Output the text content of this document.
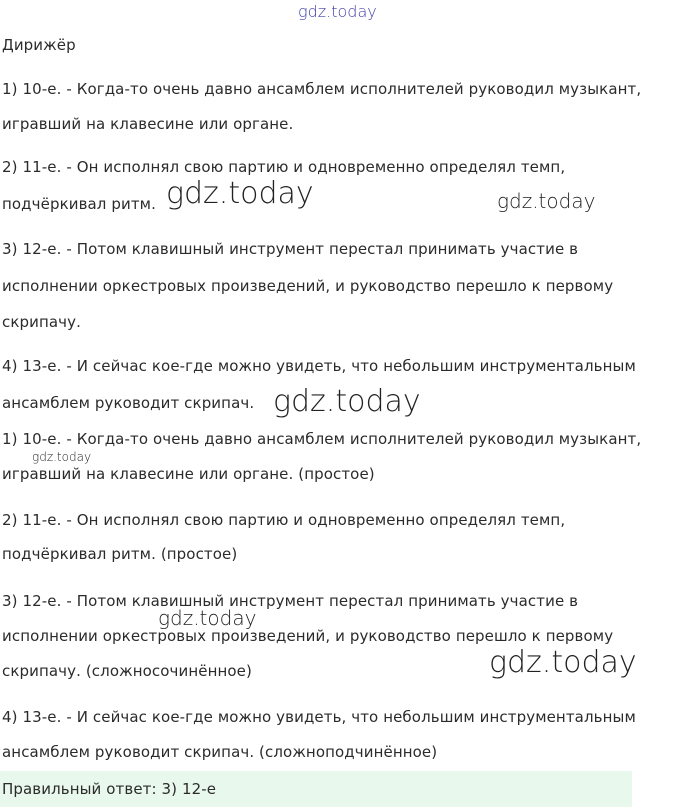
gdz.today
Дирижёр
1) 10-е. - Когда-то очень давно ансамблем исполнителей руководил музыкант,
игравший на клавесине или органе.
2) 11-е. - Он исполнял свою партию и одновременно определял темп,
подчёркивал ритм.
3) 12-е. - Потом клавишный инструмент перестал принимать участие в
исполнении оркестровых произведений, и руководство перешло к первому
скрипачу.
4) 13-е. - И сейчас кое-где можно увидеть, что небольшим инструментальным
ансамблем руководит скрипач.
1) 10-е. - Когда-то очень давно ансамблем исполнителей руководил музыкант,
игравший на клавесине или органе. (простое)
2) 11-е. - Он исполнял свою партию и одновременно определял темп,
подчёркивал ритм. (простое)
3) 12-е. - Потом клавишный инструмент перестал принимать участие в
исполнении оркестровых произведений, и руководство перешло к первому
скрипачу. (сложносочинённое)
4) 13-е. - И сейчас кое-где можно увидеть, что небольшим инструментальным
ансамблем руководит скрипач. (сложноподчинённое)
Правильный ответ: 3) 12-е
gdz.today	gdz.today
gdz.today
gdz.today
gdz.today
gdz.today
